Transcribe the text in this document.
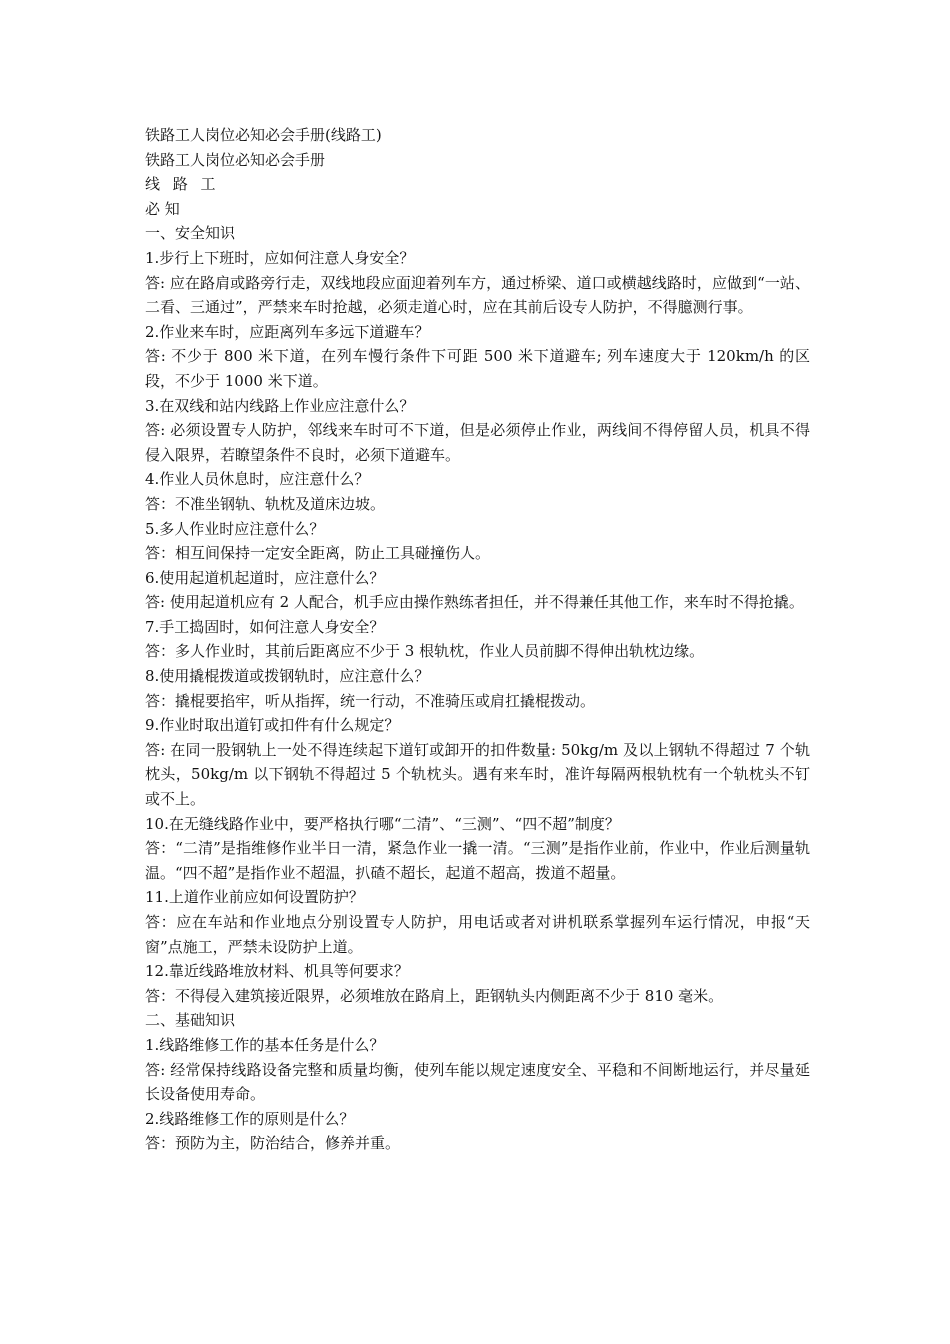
铁路工人岗位必知必会手册(线路工)

铁路工人岗位必知必会手册

线 路 工

必 知

一、安全知识

1.步行上下班时，应如何注意人身安全？

答: 应在路肩或路旁行走，双线地段应面迎着列车方，通过桥梁、道口或横越线路时，应做到“一站、二看、三通过”，严禁来车时抢越，必须走道心时，应在其前后设专人防护，不得臆测行事。

2.作业来车时，应距离列车多远下道避车？

答: 不少于 800 米下道，在列车慢行条件下可距 500 米下道避车; 列车速度大于 120km/h 的区段，不少于 1000 米下道。

3.在双线和站内线路上作业应注意什么？

答: 必须设置专人防护，邻线来车时可不下道，但是必须停止作业，两线间不得停留人员，机具不得侵入限界，若瞭望条件不良时，必须下道避车。

4.作业人员休息时，应注意什么？

答：不准坐钢轨、轨枕及道床边坡。

5.多人作业时应注意什么？

答：相互间保持一定安全距离，防止工具碰撞伤人。

6.使用起道机起道时，应注意什么？

答: 使用起道机应有 2 人配合，机手应由操作熟练者担任，并不得兼任其他工作，来车时不得抢撬。

7.手工捣固时，如何注意人身安全？

答：多人作业时，其前后距离应不少于 3 根轨枕，作业人员前脚不得伸出轨枕边缘。

8.使用撬棍拨道或拨钢轨时，应注意什么？

答：撬棍要掐牢，听从指挥，统一行动，不准骑压或肩扛撬棍拨动。

9.作业时取出道钉或扣件有什么规定？

答: 在同一股钢轨上一处不得连续起下道钉或卸开的扣件数量: 50kg/m 及以上钢轨不得超过 7 个轨枕头，50kg/m 以下钢轨不得超过 5 个轨枕头。遇有来车时，准许每隔两根轨枕有一个轨枕头不钉或不上。

10.在无缝线路作业中，要严格执行哪“二清”、“三测”、“四不超”制度？

答：“二清”是指维修作业半日一清，紧急作业一撬一清。“三测”是指作业前，作业中，作业后测量轨温。“四不超”是指作业不超温，扒碴不超长，起道不超高，拨道不超量。

11.上道作业前应如何设置防护？

答：应在车站和作业地点分别设置专人防护，用电话或者对讲机联系掌握列车运行情况，申报“天窗”点施工，严禁未设防护上道。

12.靠近线路堆放材料、机具等何要求？

答：不得侵入建筑接近限界，必须堆放在路肩上，距钢轨头内侧距离不少于 810 毫米。

二、基础知识

1.线路维修工作的基本任务是什么？

答: 经常保持线路设备完整和质量均衡，使列车能以规定速度安全、平稳和不间断地运行，并尽量延长设备使用寿命。

2.线路维修工作的原则是什么？

答：预防为主，防治结合，修养并重。
